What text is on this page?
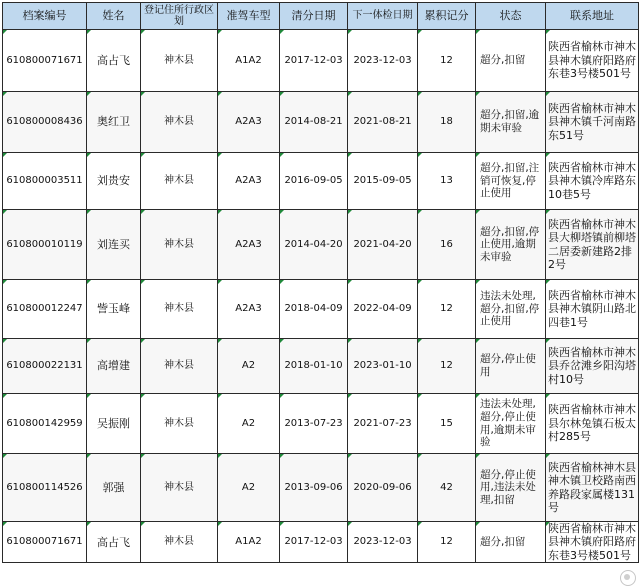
档案编号	姓名	登记住所行政区划	准驾车型	清分日期	下一体检日期	累积记分	状态	联系地址
610800071671	高占飞	神木县	A1A2	2017-12-03	2023-12-03	12	超分,扣留	陕西省榆林市神木县神木镇府阳路府东巷3号楼501号
610800008436	奥红卫	神木县	A2A3	2014-08-21	2021-08-21	18	超分,扣留,逾期未审验	陕西省榆林市神木县神木镇千河南路东51号
610800003511	刘贵安	神木县	A2A3	2016-09-05	2015-09-05	13	超分,扣留,注销可恢复,停止使用	陕西省榆林市神木县神木镇冷库路东10巷5号
610800010119	刘连买	神木县	A2A3	2014-04-20	2021-04-20	16	超分,扣留,停止使用,逾期未审验	陕西省榆林市神木县大柳塔镇前柳塔二居委新建路2排2号
610800012247	訾玉峰	神木县	A2A3	2018-04-09	2022-04-09	12	违法未处理,超分,扣留,停止使用	陕西省榆林市神木县神木镇阴山路北四巷1号
610800022131	高增建	神木县	A2	2018-01-10	2023-01-10	12	超分,停止使用	陕西省榆林市神木县乔岔滩乡阳沟塔村10号
610800142959	吴振刚	神木县	A2	2013-07-23	2021-07-23	15	违法未处理,超分,停止使用,逾期未审验	陕西省榆林市神木县尔林兔镇石板太村285号
610800114526	郭强	神木县	A2	2013-09-06	2020-09-06	42	超分,停止使用,违法未处理,扣留	陕西省榆林神木县神木镇卫校路南西养路段家属楼131号
610800071671	高占飞	神木县	A1A2	2017-12-03	2023-12-03	12	超分,扣留	陕西省榆林市神木县神木镇府阳路府东巷3号楼501号
